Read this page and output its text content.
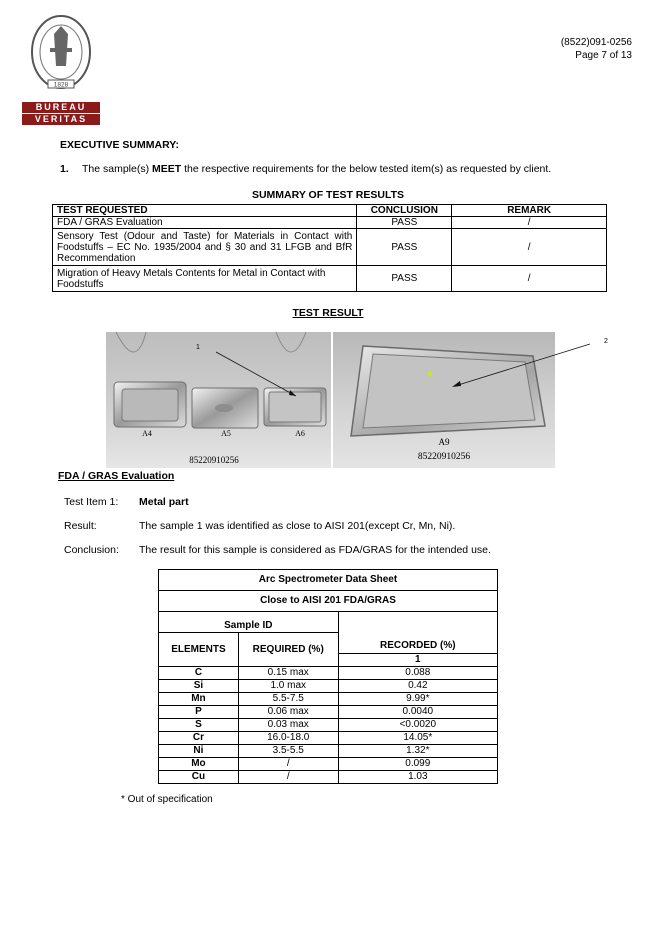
1828
BUREAU
VERITAS
(8522)091-0256
Page 7 of 13
EXECUTIVE SUMMARY:
1. The sample(s) MEET the respective requirements for the below tested item(s) as requested by client.
SUMMARY OF TEST RESULTS
TEST REQUESTED	CONCLUSION	REMARK
FDA / GRAS Evaluation	PASS	/
Sensory Test (Odour and Taste) for Materials in Contact with Foodstuffs – EC No. 1935/2004 and § 30 and 31 LFGB and BfR Recommendation	PASS	/
Migration of Heavy Metals Contents for Metal in Contact with Foodstuffs	PASS	/
TEST RESULT
A4	A5	A6
85220910256
1
A9
85220910256
2
FDA / GRAS Evaluation
Test Item 1: Metal part
Result:	The sample 1 was identified as close to AISI 201(except Cr, Mn, Ni).
Conclusion: The result for this sample is considered as FDA/GRAS for the intended use.
Arc Spectrometer Data Sheet		
Close to AISI 201 FDA/GRAS		
Sample ID		RECORDED (%)
ELEMENTS	REQUIRED (%)	
		1
C	0.15 max	0.088
Si	1.0 max	0.42
Mn	5.5-7.5	9.99*
P	0.06 max	0.0040
S	0.03 max	<0.0020
Cr	16.0-18.0	14.05*
Ni	3.5-5.5	1.32*
Mo	/	0.099
Cu	/	1.03
* Out of specification
